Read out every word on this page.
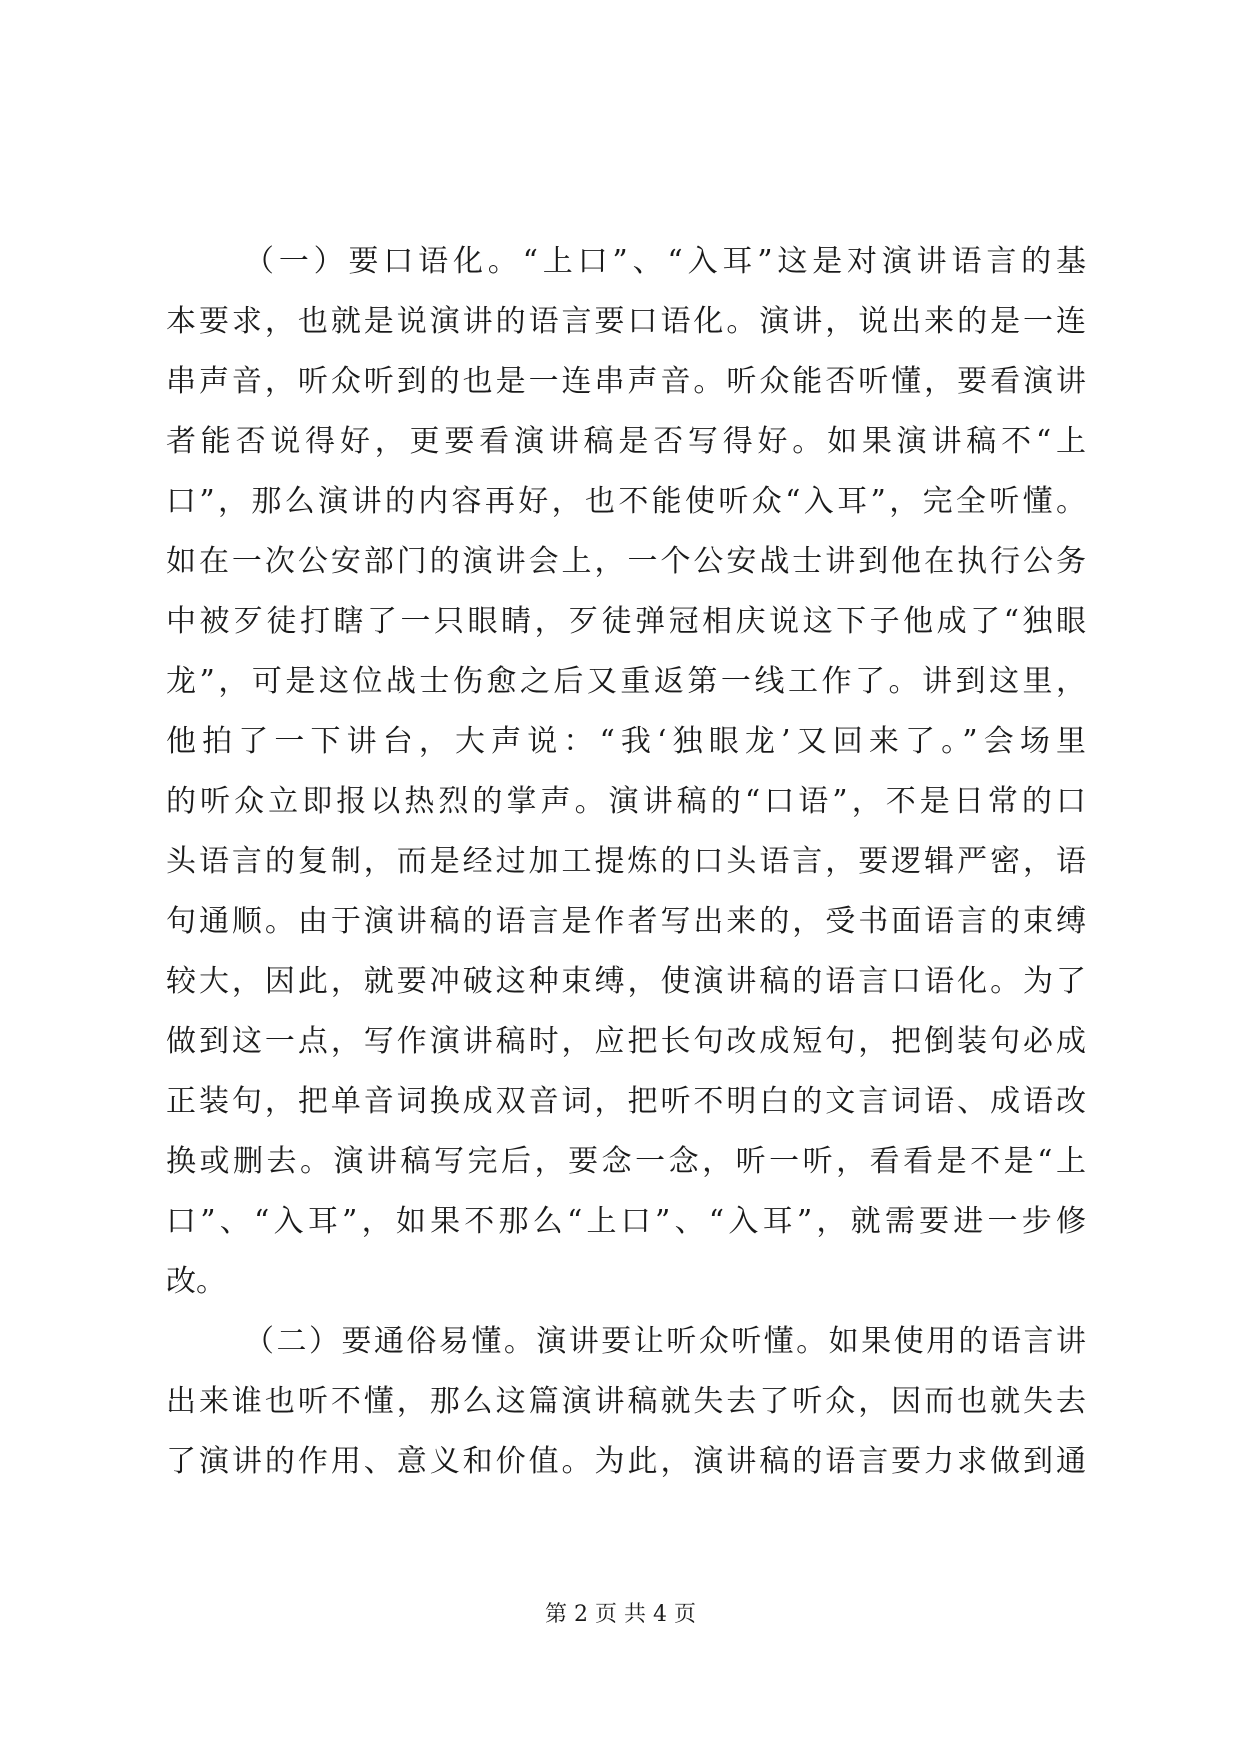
（一）要口语化。“上口”、“入耳”这是对演讲语言的基
本要求，也就是说演讲的语言要口语化。演讲，说出来的是一连
串声音，听众听到的也是一连串声音。听众能否听懂，要看演讲
者能否说得好，更要看演讲稿是否写得好。如果演讲稿不“上
口”，那么演讲的内容再好，也不能使听众“入耳”，完全听懂。
如在一次公安部门的演讲会上，一个公安战士讲到他在执行公务
中被歹徒打瞎了一只眼睛，歹徒弹冠相庆说这下子他成了“独眼
龙”，可是这位战士伤愈之后又重返第一线工作了。讲到这里，
他拍了一下讲台，大声说：“我‘独眼龙’又回来了。”会场里
的听众立即报以热烈的掌声。演讲稿的“口语”，不是日常的口
头语言的复制，而是经过加工提炼的口头语言，要逻辑严密，语
句通顺。由于演讲稿的语言是作者写出来的，受书面语言的束缚
较大，因此，就要冲破这种束缚，使演讲稿的语言口语化。为了
做到这一点，写作演讲稿时，应把长句改成短句，把倒装句必成
正装句，把单音词换成双音词，把听不明白的文言词语、成语改
换或删去。演讲稿写完后，要念一念，听一听，看看是不是“上
口”、“入耳”，如果不那么“上口”、“入耳”，就需要进一步修
改。
（二）要通俗易懂。演讲要让听众听懂。如果使用的语言讲
出来谁也听不懂，那么这篇演讲稿就失去了听众，因而也就失去
了演讲的作用、意义和价值。为此，演讲稿的语言要力求做到通
第 2 页 共 4 页
